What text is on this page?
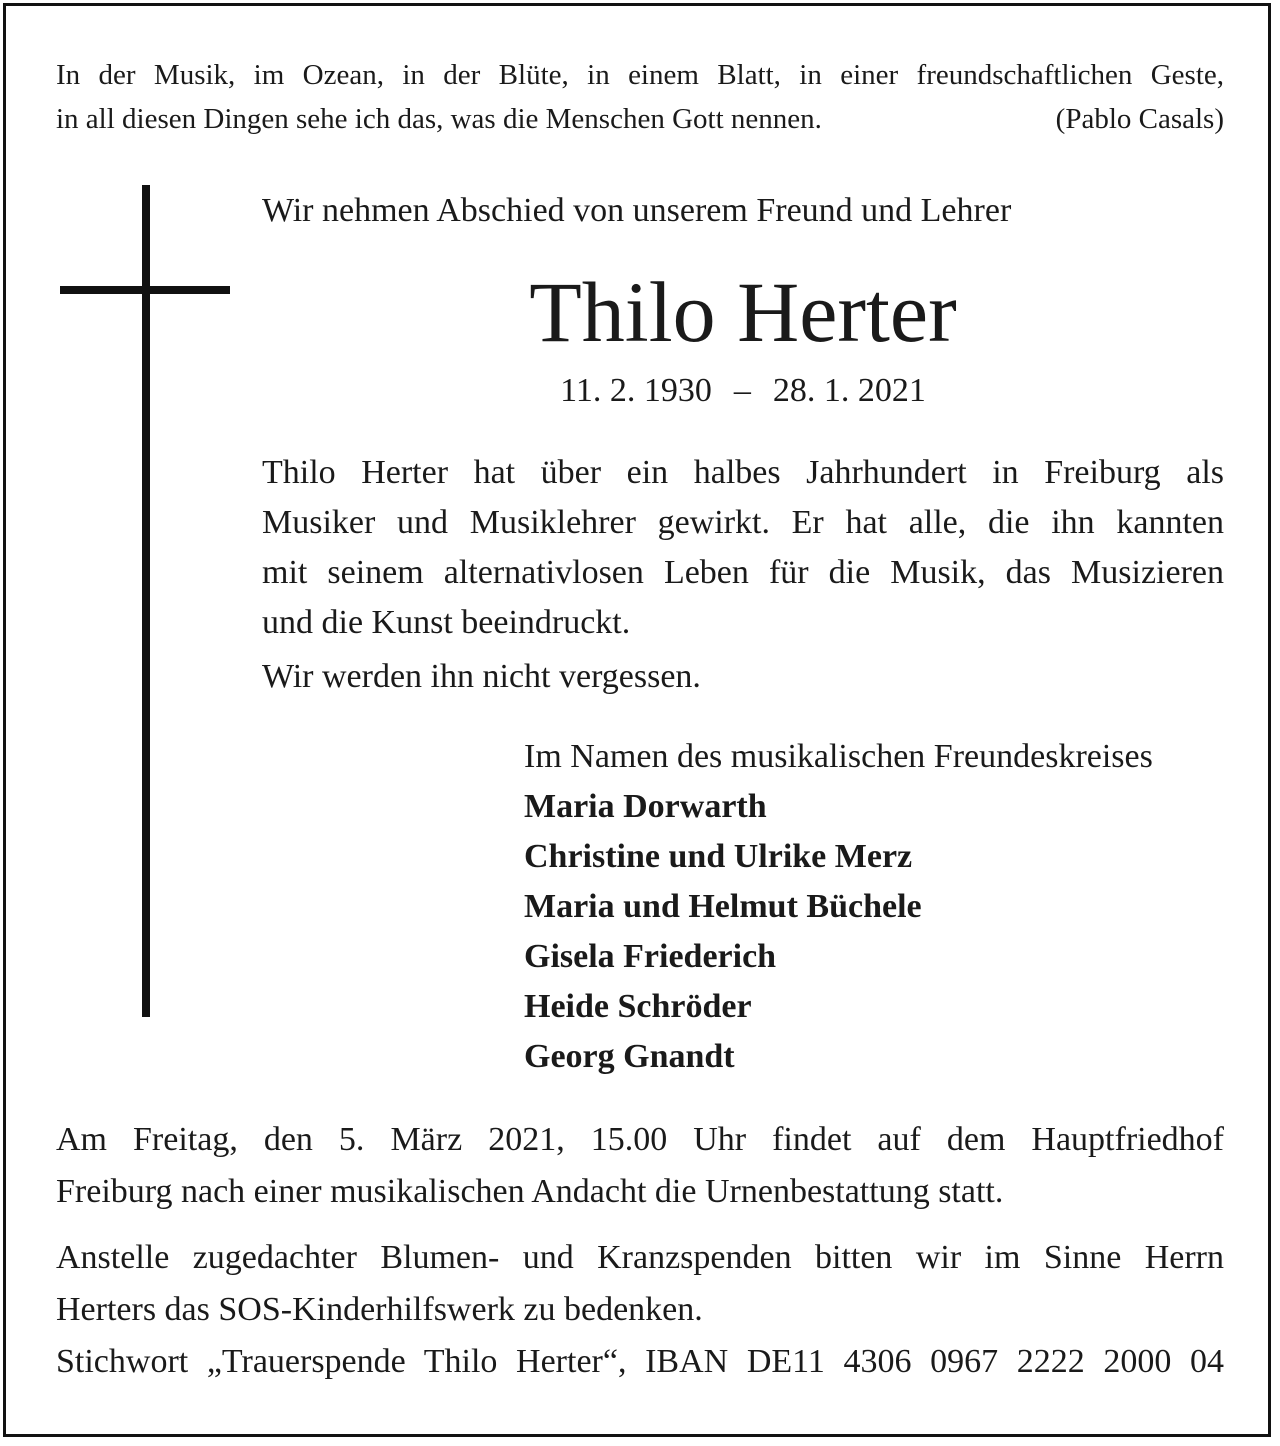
In der Musik, im Ozean, in der Blüte, in einem Blatt, in einer freundschaftlichen Geste,
in all diesen Dingen sehe ich das, was die Menschen Gott nennen.	(Pablo Casals)
Wir nehmen Abschied von unserem Freund und Lehrer
Thilo Herter
11. 2. 1930 – 28. 1. 2021
Thilo Herter hat über ein halbes Jahrhundert in Freiburg als
Musiker und Musiklehrer gewirkt. Er hat alle, die ihn kannten
mit seinem alternativlosen Leben für die Musik, das Musizieren
und die Kunst beeindruckt.
Wir werden ihn nicht vergessen.
Im Namen des musikalischen Freundeskreises
Maria Dorwarth
Christine und Ulrike Merz
Maria und Helmut Büchele
Gisela Friederich
Heide Schröder
Georg Gnandt
Am Freitag, den 5. März 2021, 15.00 Uhr findet auf dem Hauptfriedhof
Freiburg nach einer musikalischen Andacht die Urnenbestattung statt.
Anstelle zugedachter Blumen- und Kranzspenden bitten wir im Sinne Herrn
Herters das SOS-Kinderhilfswerk zu bedenken.
Stichwort „Trauerspende Thilo Herter“, IBAN DE11 4306 0967 2222 2000 04
